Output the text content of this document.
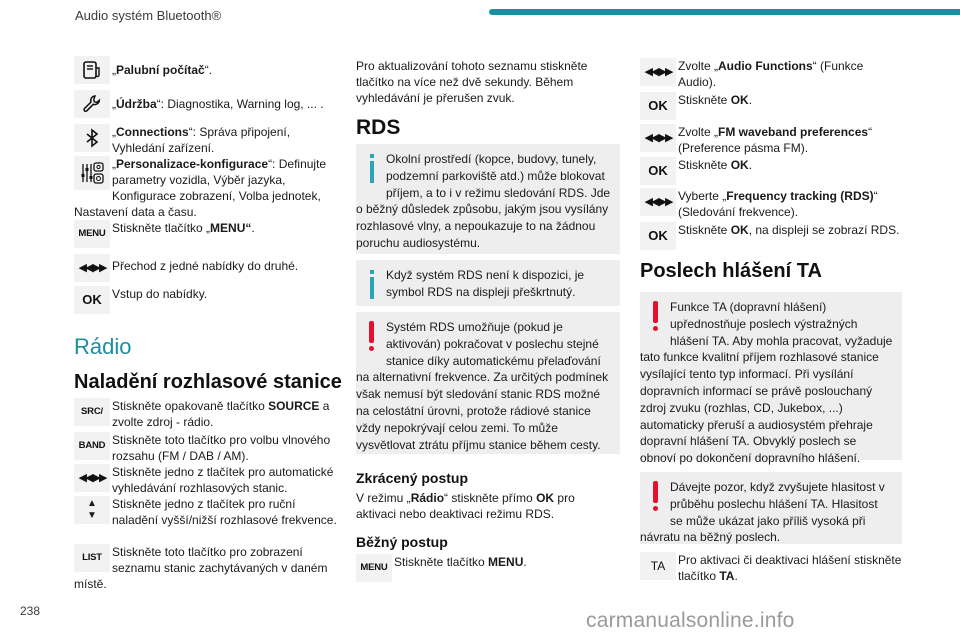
Audio systém Bluetooth®
„Palubní počítač“.
„Údržba“: Diagnostika, Warning log, ... .
„Connections“: Správa připojení, Vyhledání zařízení.
„Personalizace-konfigurace“: Definujte parametry vozidla, Výběr jazyka, Konfigurace zobrazení, Volba jednotek, Nastavení data a času.
MENU Stiskněte tlačítko „MENU“.
◀◀ ▶▶ Přechod z jedné nabídky do druhé.
OK Vstup do nabídky.
Rádio
Naladění rozhlasové stanice
SRC/ Stiskněte opakovaně tlačítko SOURCE a zvolte zdroj - rádio.
BAND Stiskněte toto tlačítko pro volbu vlnového rozsahu (FM / DAB / AM).
◀◀ ▶▶ Stiskněte jedno z tlačítek pro automatické vyhledávání rozhlasových stanic.
▲
▼
Stiskněte jedno z tlačítek pro ruční naladění vyšší/nižší rozhlasové frekvence.
LIST Stiskněte toto tlačítko pro zobrazení seznamu stanic zachytávaných v daném místě.
Pro aktualizování tohoto seznamu stiskněte tlačítko na více než dvě sekundy. Během vyhledávání je přerušen zvuk.
RDS

Okolní prostředí (kopce, budovy, tunely, podzemní parkoviště atd.) může blokovat příjem, a to i v režimu sledování RDS. Jde o běžný důsledek způsobu, jakým jsou vysílány rozhlasové vlny, a nepoukazuje to na žádnou poruchu audiosystému.

Když systém RDS není k dispozici, je symbol RDS na displeji přeškrtnutý.

Systém RDS umožňuje (pokud je aktivován) pokračovat v poslechu stejné stanice díky automatickému přelaďování na alternativní frekvence. Za určitých podmínek však nemusí být sledování stanic RDS možné na celostátní úrovni, protože rádiové stanice vždy nepokrývají celou zemi. To může vysvětlovat ztrátu příjmu stanice během cesty.

Zkrácený postup
V režimu „Rádio“ stiskněte přímo OK pro aktivaci nebo deaktivaci režimu RDS.
Běžný postup
MENU Stiskněte tlačítko MENU.
◀◀ ▶▶ Zvolte „Audio Functions“ (Funkce Audio).
OK Stiskněte OK.
◀◀ ▶▶ Zvolte „FM waveband preferences“ (Preference pásma FM).
OK Stiskněte OK.
◀◀ ▶▶ Vyberte „Frequency tracking (RDS)“ (Sledování frekvence).
OK Stiskněte OK, na displeji se zobrazí RDS.
Poslech hlášení TA

Funkce TA (dopravní hlášení) upřednostňuje poslech výstražných hlášení TA. Aby mohla pracovat, vyžaduje tato funkce kvalitní příjem rozhlasové stanice vysílající tento typ informací. Při vysílání dopravních informací se právě poslouchaný zdroj zvuku (rozhlas, CD, Jukebox, ...) automaticky přeruší a audiosystém přehraje dopravní hlášení TA. Obvyklý poslech se obnoví po dokončení dopravního hlášení.

Dávejte pozor, když zvyšujete hlasitost v průběhu poslechu hlášení TA. Hlasitost se může ukázat jako příliš vysoká při návratu na běžný poslech.

TA	Pro aktivaci či deaktivaci hlášení stiskněte tlačítko TA.
238	carmanualsonline.info
